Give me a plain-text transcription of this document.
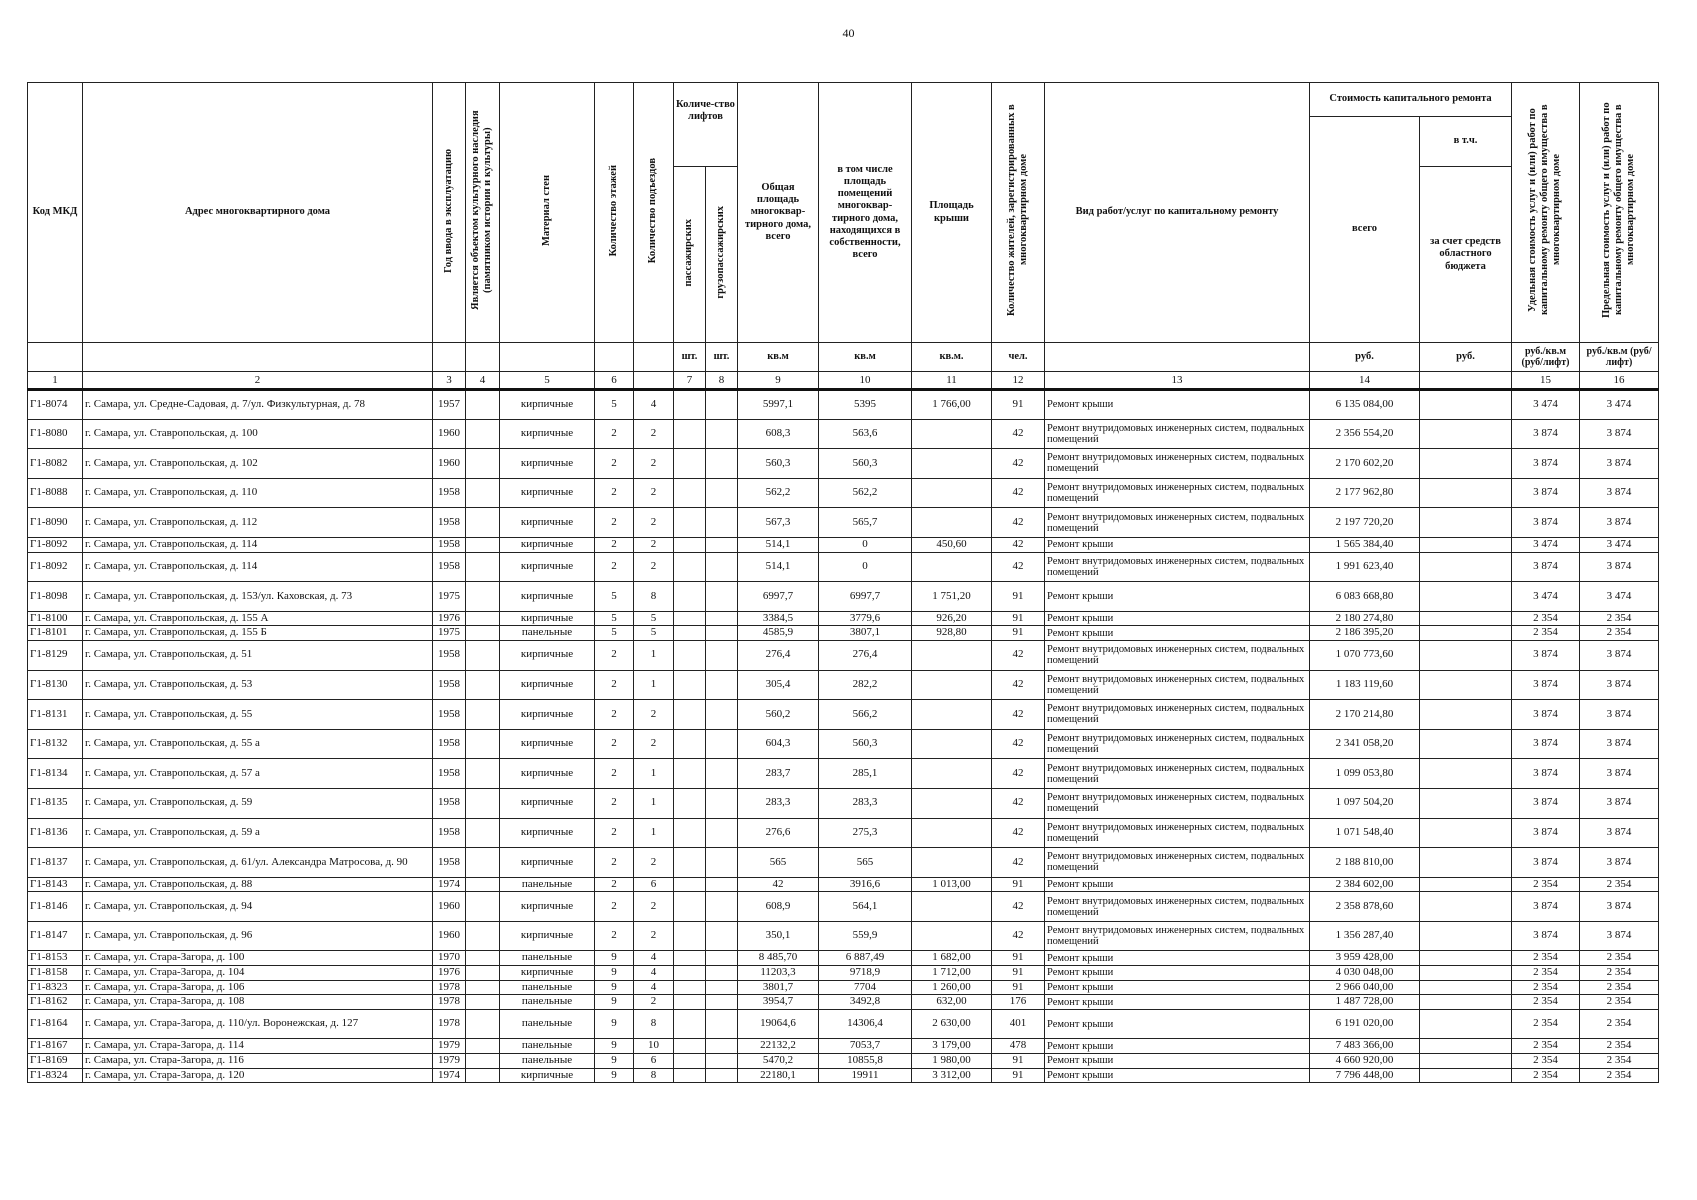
40
Код МКД	Адрес многоквартирного дома	Год ввода в эксплуатацию	Является объектом культурного наследия (памятником истории и культуры)	Материал стен	Количество этажей	Количество подъездов	Количе-ство лифтов		Общая площадь многоквар-тирного дома, всего	в том числе площадь помещений многоквар-тирного дома, находящихся в собственности, всего	Площадь крыши	Количество жителей, зарегистрированных в многоквартирном доме	Вид работ/услуг по капитальному ремонту	Стоимость капитального ремонта		Удельная стоимость услуг и (или) работ по капитальному ремонту общего имущества в многоквартирном доме	Предельная стоимость услуг и (или) работ по капитальному ремонту общего имущества в многоквартирном доме
														всего	в т.ч.		
							пассажирских	грузопассажирских							за счет средств областного бюджета		
							шт.	шт.	кв.м	кв.м	кв.м.	чел.		руб.	руб.	руб./кв.м (руб/лифт)	руб./кв.м (руб/лифт)
1	2	3	4	5	6		7	8	9	10	11	12	13	14		15	16
Г1-8074	г. Самара, ул. Средне-Садовая, д. 7/ул. Физкультурная, д. 78	1957		кирпичные	5	4			5997,1	5395	1 766,00	91	Ремонт крыши	6 135 084,00		3 474	3 474
Г1-8080	г. Самара, ул. Ставропольская, д. 100	1960		кирпичные	2	2			608,3	563,6		42	Ремонт внутридомовых инженерных систем, подвальных помещений	2 356 554,20		3 874	3 874
Г1-8082	г. Самара, ул. Ставропольская, д. 102	1960		кирпичные	2	2			560,3	560,3		42	Ремонт внутридомовых инженерных систем, подвальных помещений	2 170 602,20		3 874	3 874
Г1-8088	г. Самара, ул. Ставропольская, д. 110	1958		кирпичные	2	2			562,2	562,2		42	Ремонт внутридомовых инженерных систем, подвальных помещений	2 177 962,80		3 874	3 874
Г1-8090	г. Самара, ул. Ставропольская, д. 112	1958		кирпичные	2	2			567,3	565,7		42	Ремонт внутридомовых инженерных систем, подвальных помещений	2 197 720,20		3 874	3 874
Г1-8092	г. Самара, ул. Ставропольская, д. 114	1958		кирпичные	2	2			514,1	0	450,60	42	Ремонт крыши	1 565 384,40		3 474	3 474
Г1-8092	г. Самара, ул. Ставропольская, д. 114	1958		кирпичные	2	2			514,1	0		42	Ремонт внутридомовых инженерных систем, подвальных помещений	1 991 623,40		3 874	3 874
Г1-8098	г. Самара, ул. Ставропольская, д. 153/ул. Каховская, д. 73	1975		кирпичные	5	8			6997,7	6997,7	1 751,20	91	Ремонт крыши	6 083 668,80		3 474	3 474
Г1-8100	г. Самара, ул. Ставропольская, д. 155 А	1976		кирпичные	5	5			3384,5	3779,6	926,20	91	Ремонт крыши	2 180 274,80		2 354	2 354
Г1-8101	г. Самара, ул. Ставропольская, д. 155 Б	1975		панельные	5	5			4585,9	3807,1	928,80	91	Ремонт крыши	2 186 395,20		2 354	2 354
Г1-8129	г. Самара, ул. Ставропольская, д. 51	1958		кирпичные	2	1			276,4	276,4		42	Ремонт внутридомовых инженерных систем, подвальных помещений	1 070 773,60		3 874	3 874
Г1-8130	г. Самара, ул. Ставропольская, д. 53	1958		кирпичные	2	1			305,4	282,2		42	Ремонт внутридомовых инженерных систем, подвальных помещений	1 183 119,60		3 874	3 874
Г1-8131	г. Самара, ул. Ставропольская, д. 55	1958		кирпичные	2	2			560,2	566,2		42	Ремонт внутридомовых инженерных систем, подвальных помещений	2 170 214,80		3 874	3 874
Г1-8132	г. Самара, ул. Ставропольская, д. 55 а	1958		кирпичные	2	2			604,3	560,3		42	Ремонт внутридомовых инженерных систем, подвальных помещений	2 341 058,20		3 874	3 874
Г1-8134	г. Самара, ул. Ставропольская, д. 57 а	1958		кирпичные	2	1			283,7	285,1		42	Ремонт внутридомовых инженерных систем, подвальных помещений	1 099 053,80		3 874	3 874
Г1-8135	г. Самара, ул. Ставропольская, д. 59	1958		кирпичные	2	1			283,3	283,3		42	Ремонт внутридомовых инженерных систем, подвальных помещений	1 097 504,20		3 874	3 874
Г1-8136	г. Самара, ул. Ставропольская, д. 59 а	1958		кирпичные	2	1			276,6	275,3		42	Ремонт внутридомовых инженерных систем, подвальных помещений	1 071 548,40		3 874	3 874
Г1-8137	г. Самара, ул. Ставропольская, д. 61/ул. Александра Матросова, д. 90	1958		кирпичные	2	2			565	565		42	Ремонт внутридомовых инженерных систем, подвальных помещений	2 188 810,00		3 874	3 874
Г1-8143	г. Самара, ул. Ставропольская, д. 88	1974		панельные	2	6			42	3916,6	1 013,00	91	Ремонт крыши	2 384 602,00		2 354	2 354
Г1-8146	г. Самара, ул. Ставропольская, д. 94	1960		кирпичные	2	2			608,9	564,1		42	Ремонт внутридомовых инженерных систем, подвальных помещений	2 358 878,60		3 874	3 874
Г1-8147	г. Самара, ул. Ставропольская, д. 96	1960		кирпичные	2	2			350,1	559,9		42	Ремонт внутридомовых инженерных систем, подвальных помещений	1 356 287,40		3 874	3 874
Г1-8153	г. Самара, ул. Стара-Загора, д. 100	1970		панельные	9	4			8 485,70	6 887,49	1 682,00	91	Ремонт крыши	3 959 428,00		2 354	2 354
Г1-8158	г. Самара, ул. Стара-Загора, д. 104	1976		кирпичные	9	4			11203,3	9718,9	1 712,00	91	Ремонт крыши	4 030 048,00		2 354	2 354
Г1-8323	г. Самара, ул. Стара-Загора, д. 106	1978		панельные	9	4			3801,7	7704	1 260,00	91	Ремонт крыши	2 966 040,00		2 354	2 354
Г1-8162	г. Самара, ул. Стара-Загора, д. 108	1978		панельные	9	2			3954,7	3492,8	632,00	176	Ремонт крыши	1 487 728,00		2 354	2 354
Г1-8164	г. Самара, ул. Стара-Загора, д. 110/ул. Воронежская, д. 127	1978		панельные	9	8			19064,6	14306,4	2 630,00	401	Ремонт крыши	6 191 020,00		2 354	2 354
Г1-8167	г. Самара, ул. Стара-Загора, д. 114	1979		панельные	9	10			22132,2	7053,7	3 179,00	478	Ремонт крыши	7 483 366,00		2 354	2 354
Г1-8169	г. Самара, ул. Стара-Загора, д. 116	1979		панельные	9	6			5470,2	10855,8	1 980,00	91	Ремонт крыши	4 660 920,00		2 354	2 354
Г1-8324	г. Самара, ул. Стара-Загора, д. 120	1974		кирпичные	9	8			22180,1	19911	3 312,00	91	Ремонт крыши	7 796 448,00		2 354	2 354
